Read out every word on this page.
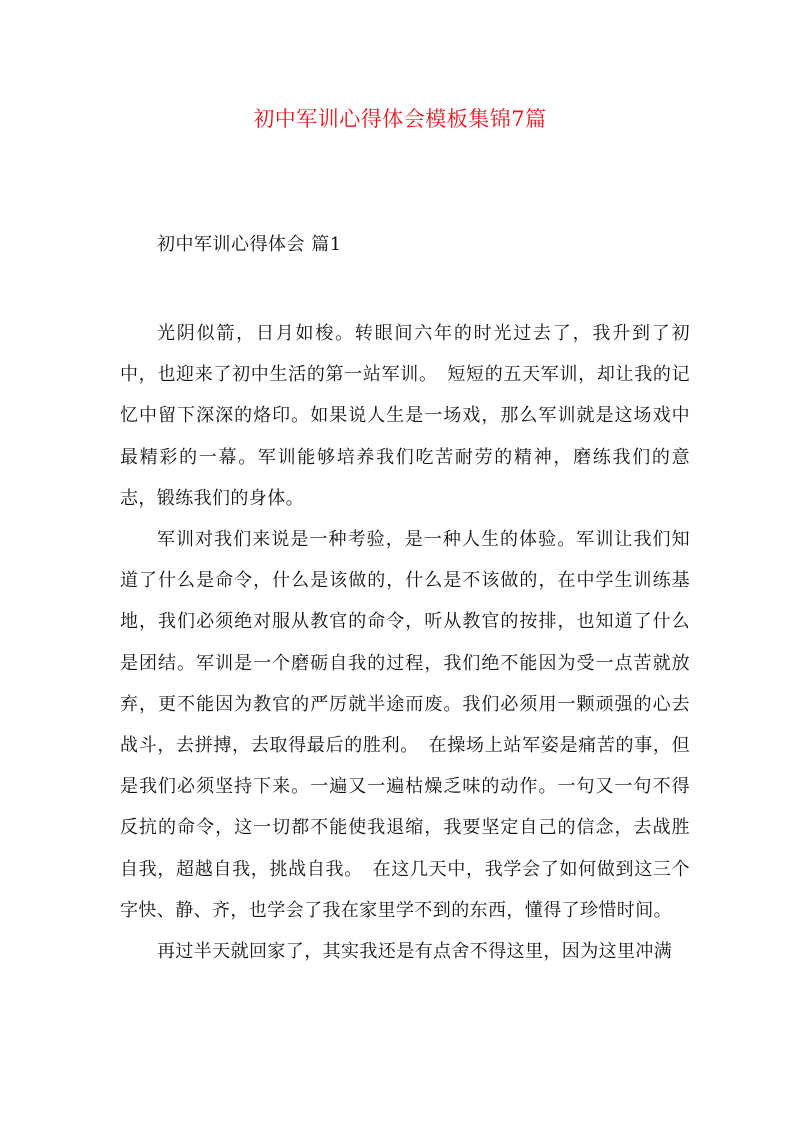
初中军训心得体会模板集锦7篇
初中军训心得体会 篇1

光阴似箭，日月如梭。转眼间六年的时光过去了，我升到了初中，也迎来了初中生活的第一站军训。　短短的五天军训，却让我的记忆中留下深深的烙印。如果说人生是一场戏，那么军训就是这场戏中最精彩的一幕。军训能够培养我们吃苦耐劳的精神，磨练我们的意志，锻练我们的身体。

军训对我们来说是一种考验，是一种人生的体验。军训让我们知道了什么是命令，什么是该做的，什么是不该做的，在中学生训练基地，我们必须绝对服从教官的命令，听从教官的按排，也知道了什么是团结。军训是一个磨砺自我的过程，我们绝不能因为受一点苦就放弃，更不能因为教官的严厉就半途而废。我们必须用一颗顽强的心去战斗，去拼搏，去取得最后的胜利。　在操场上站军姿是痛苦的事，但是我们必须坚持下来。一遍又一遍枯燥乏味的动作。一句又一句不得反抗的命令，这一切都不能使我退缩，我要坚定自己的信念，去战胜自我，超越自我，挑战自我。　在这几天中，我学会了如何做到这三个字快、静、齐，也学会了我在家里学不到的东西，懂得了珍惜时间。

再过半天就回家了，其实我还是有点舍不得这里，因为这里冲满
